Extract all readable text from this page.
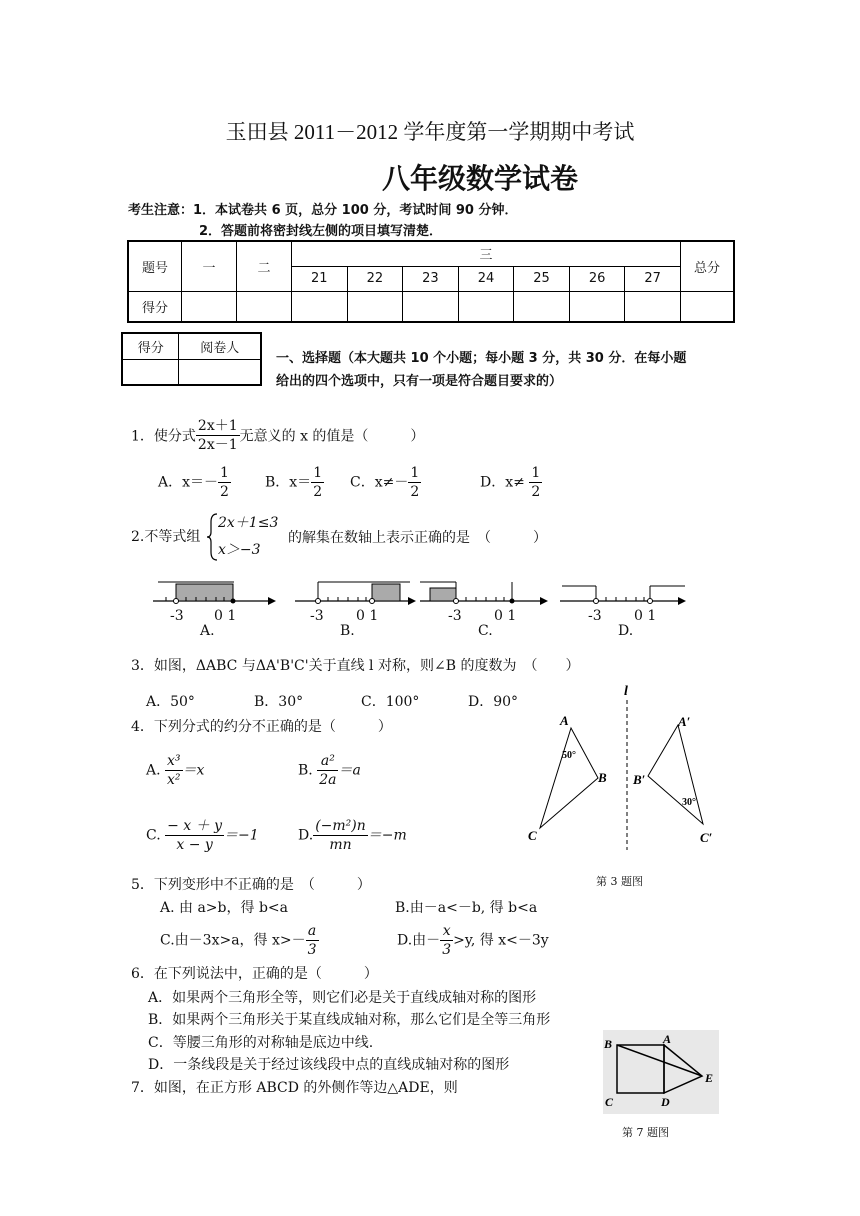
玉田县 2011－2012 学年度第一学期期中考试
八年级数学试卷
考生注意：1．本试卷共 6 页，总分 100 分，考试时间 90 分钟．
2．答题前将密封线左侧的项目填写清楚．
题号	一	二	三							总分
			21	22	23	24	25	26	27	
得分										
得分	阅卷人

一、选择题（本大题共 10 个小题；每小题 3 分，共 30 分．在每小题
给出的四个选项中，只有一项是符合题目要求的）
1．使分式 $\frac{2x+1}{2x-1}$ 无意义的 x 的值是（　　　）
A．$x=- \frac{1}{2}$ B．$x= \frac{1}{2}$ C．$x\ne- \frac{1}{2}$	D．$x\ne \frac{1}{2}$
2.不等式组
2x＋1≤3
x＞−3
的解集在数轴上表示正确的是　（　　　）
-3 0 1
A.
-3 0 1
B.
-3 0 1
C.
-3 0 1
D.
3．如图，ΔABC 与ΔA'B'C'关于直线 l 对称，则∠B 的度数为　（　　）
A．50°	B．30°	C．100°	D．90°
l
A
B
C
A′
B′
C′
50°
30°
第 3 题图
4．下列分式的约分不正确的是（　　　）
A. $\frac{\text{x³}}{\text{x²}} =x$	B. $\frac{\text{a²}}{2a} =a$
C. $\frac{- x + y}{x - y} =-1$	D. $\frac{\text{(−m²)n}}{mn} =-m$
5．下列变形中不正确的是　（　　　）
A. 由 a>b，得 b<a	B.由－a<－b, 得 b<a
C.由－3x>a，得 $x>- \frac{a}{3}$	D.由－ $\frac{x}{3} >y$, 得 x<－3y
6．在下列说法中，正确的是（　　　）
A．如果两个三角形全等，则它们必是关于直线成轴对称的图形
B．如果两个三角形关于某直线成轴对称，那么它们是全等三角形
C．等腰三角形的对称轴是底边中线.
D．一条线段是关于经过该线段中点的直线成轴对称的图形
7．如图，在正方形 ABCD 的外侧作等边△ADE，则
B	A
C	D
E
第 7 题图
